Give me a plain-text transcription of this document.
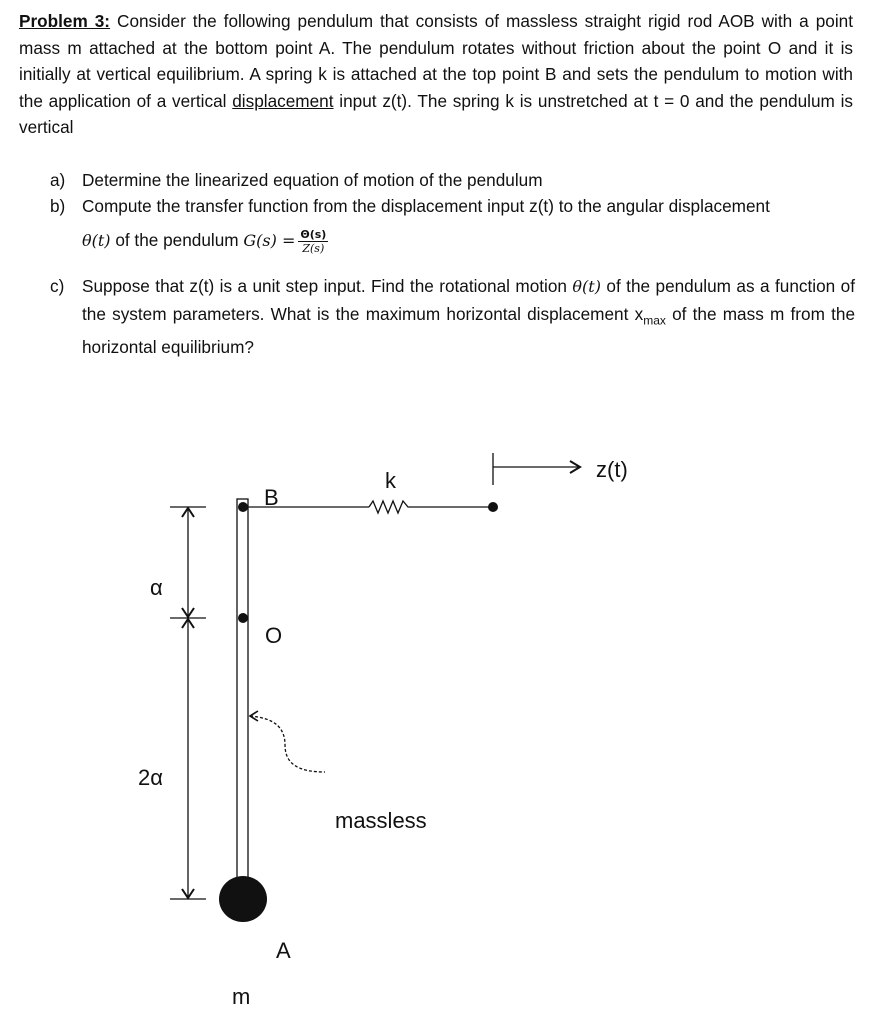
Problem 3: Consider the following pendulum that consists of massless straight rigid rod AOB with a point mass m attached at the bottom point A. The pendulum rotates without friction about the point O and it is initially at vertical equilibrium. A spring k is attached at the top point B and sets the pendulum to motion with the application of a vertical displacement input z(t). The spring k is unstretched at t = 0 and the pendulum is vertical
a) Determine the linearized equation of motion of the pendulum
b) Compute the transfer function from the displacement input z(t) to the angular displacement
θ(t) of the pendulum $G(s) = \frac{\Theta(s)}{Z(s)}$
c) Suppose that z(t) is a unit step input. Find the rotational motion θ(t) of the pendulum as a function of the system parameters. What is the maximum horizontal displacement $x_{max}$ of the mass m from the horizontal equilibrium?
k	z(t)
B
O
A
m
α
2α
massless
